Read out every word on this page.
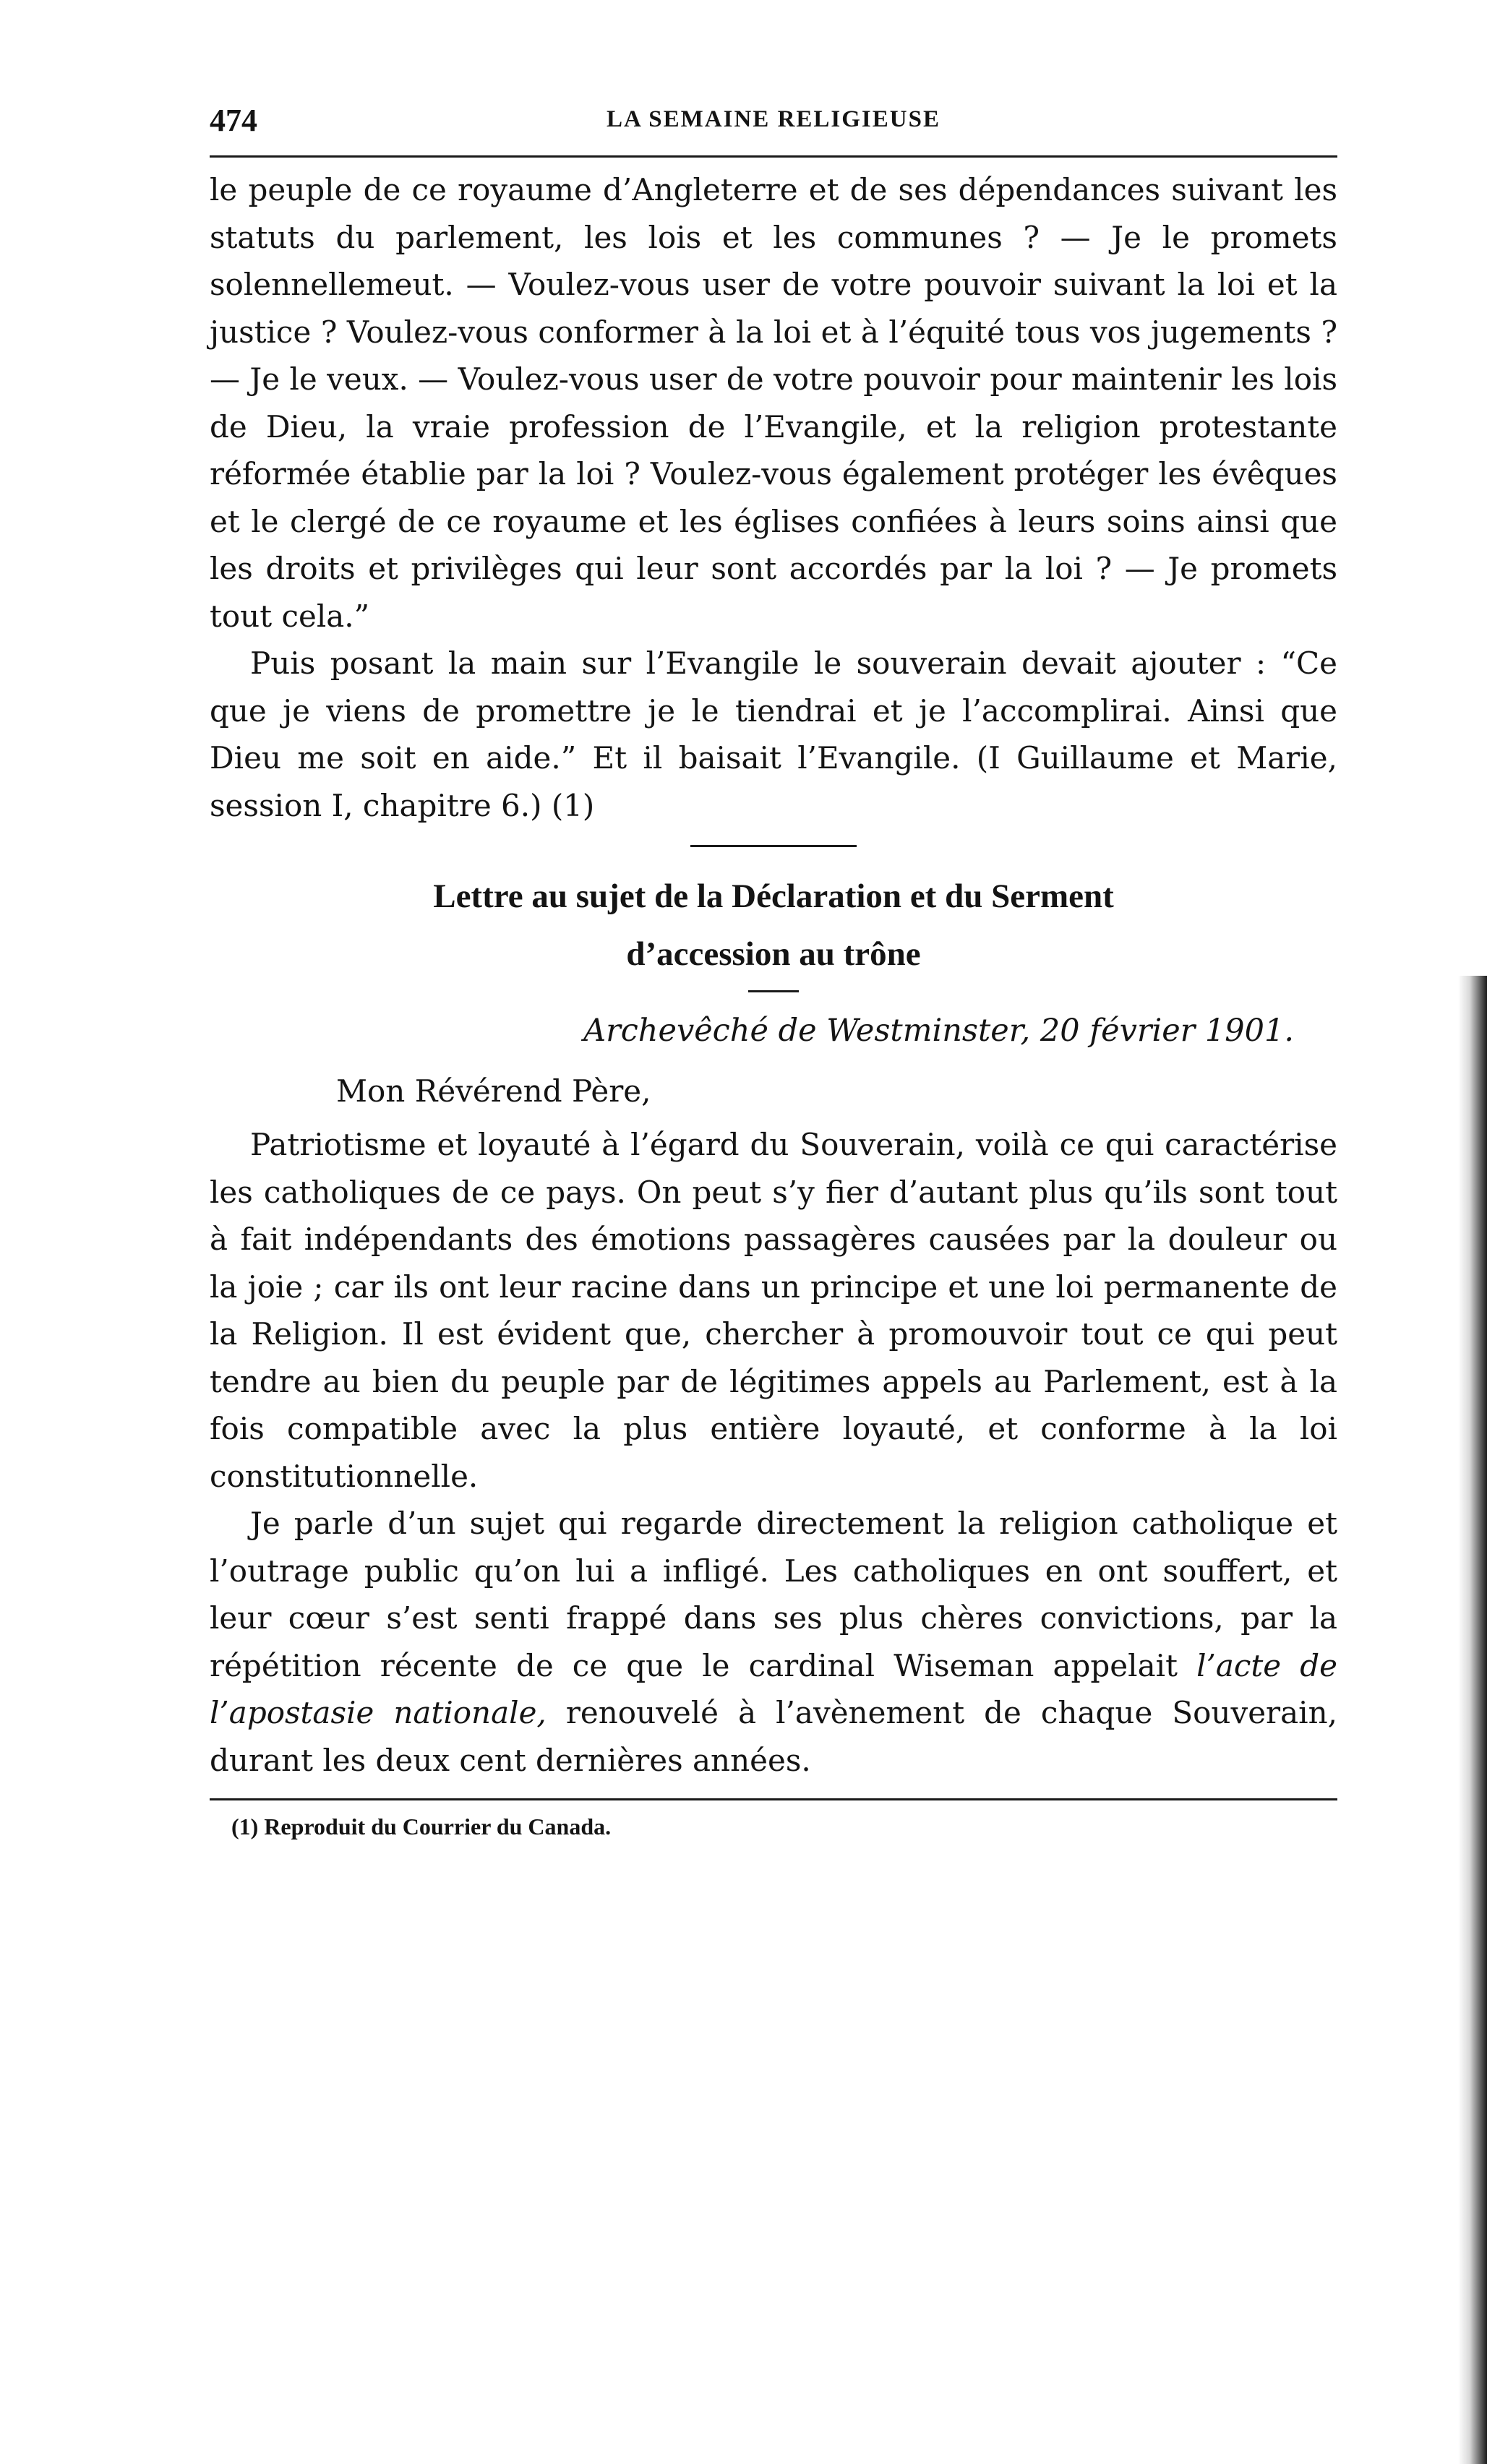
474	LA SEMAINE RELIGIEUSE

le peuple de ce royaume d’Angleterre et de ses dépendances suivant les statuts du parlement, les lois et les communes ? — Je le promets solennellemeut. — Voulez-vous user de votre pouvoir suivant la loi et la justice ? Voulez-vous conformer à la loi et à l’équité tous vos jugements ? — Je le veux. — Voulez-vous user de votre pouvoir pour maintenir les lois de Dieu, la vraie profession de l’Evangile, et la religion protestante réformée établie par la loi ? Voulez-vous également protéger les évêques et le clergé de ce royaume et les églises confiées à leurs soins ainsi que les droits et privilèges qui leur sont accordés par la loi ? — Je promets tout cela.”

Puis posant la main sur l’Evangile le souverain devait ajouter : “Ce que je viens de promettre je le tiendrai et je l’accomplirai. Ainsi que Dieu me soit en aide.” Et il baisait l’Evangile. (I Guillaume et Marie, session I, chapitre 6.) (1)

Lettre au sujet de la Déclaration et du Serment
d’accession au trône
Archevêché de Westminster, 20 février 1901.
Mon Révérend Père,

Patriotisme et loyauté à l’égard du Souverain, voilà ce qui caractérise les catholiques de ce pays. On peut s’y fier d’autant plus qu’ils sont tout à fait indépendants des émotions passagères causées par la douleur ou la joie ; car ils ont leur racine dans un principe et une loi permanente de la Religion. Il est évident que, chercher à promouvoir tout ce qui peut tendre au bien du peuple par de légitimes appels au Parlement, est à la fois compatible avec la plus entière loyauté, et conforme à la loi constitutionnelle.

Je parle d’un sujet qui regarde directement la religion catholique et l’outrage public qu’on lui a infligé. Les catholiques en ont souffert, et leur cœur s’est senti frappé dans ses plus chères convictions, par la répétition récente de ce que le cardinal Wiseman appelait l’acte de l’apostasie nationale, renouvelé à l’avènement de chaque Souverain, durant les deux cent dernières années.

(1) Reproduit du Courrier du Canada.
